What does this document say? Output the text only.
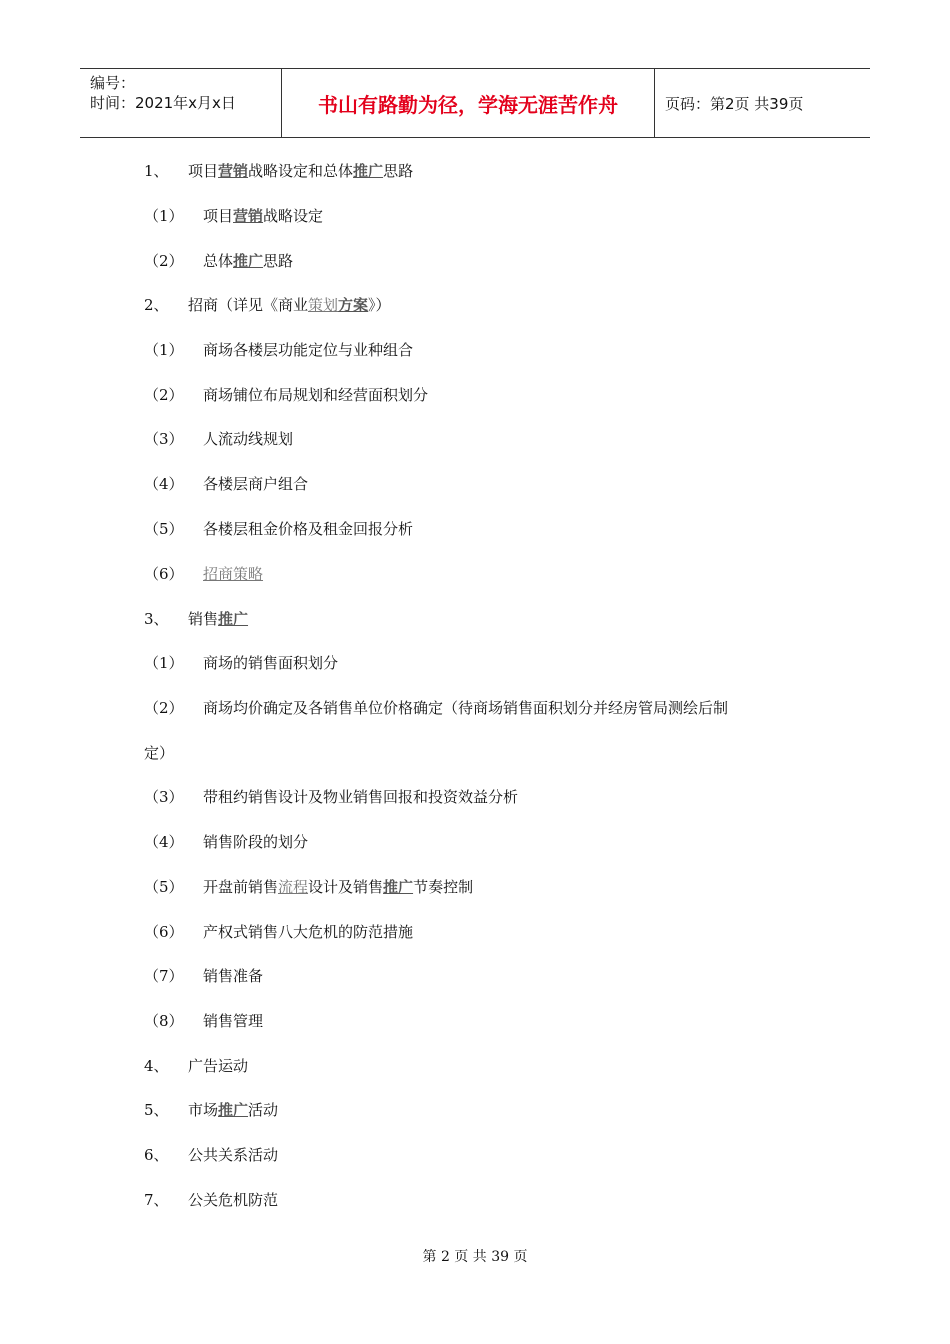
编号：
时间：2021年x月x日	书山有路勤为径，学海无涯苦作舟	页码：第2页 共39页
1、 项目营销战略设定和总体推广思路
（1） 项目营销战略设定
（2） 总体推广思路
2、 招商（详见《商业策划方案》）
（1） 商场各楼层功能定位与业种组合
（2） 商场铺位布局规划和经营面积划分
（3） 人流动线规划
（4） 各楼层商户组合
（5） 各楼层租金价格及租金回报分析
（6） 招商策略
3、 销售推广
（1） 商场的销售面积划分
（2） 商场均价确定及各销售单位价格确定（待商场销售面积划分并经房管局测绘后制
定）
（3） 带租约销售设计及物业销售回报和投资效益分析
（4） 销售阶段的划分
（5） 开盘前销售流程设计及销售推广节奏控制
（6） 产权式销售八大危机的防范措施
（7） 销售准备
（8） 销售管理
4、 广告运动
5、 市场推广活动
6、 公共关系活动
7、 公关危机防范
第 2 页 共 39 页
